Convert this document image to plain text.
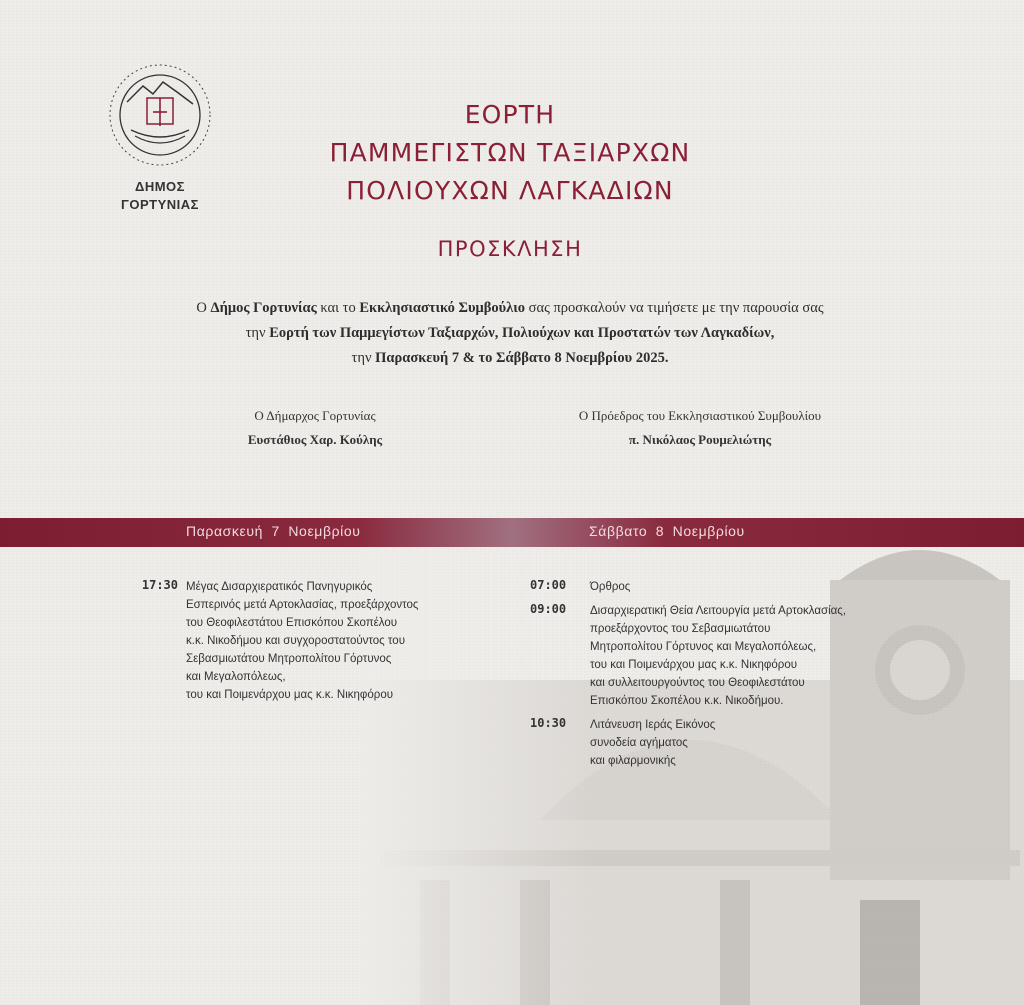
ΔΗΜΟΣ
ΓΟΡΤΥΝΙΑΣ
ΕΟΡΤΗ
ΠΑΜΜΕΓΙΣΤΩΝ ΤΑΞΙΑΡΧΩΝ
ΠΟΛΙΟΥΧΩΝ ΛΑΓΚΑΔΙΩΝ
ΠΡΟΣΚΛΗΣΗ
Ο Δήμος Γορτυνίας και το Εκκλησιαστικό Συμβούλιο σας προσκαλούν να τιμήσετε με την παρουσία σας
την Εορτή των Παμμεγίστων Ταξιαρχών, Πολιούχων και Προστατών των Λαγκαδίων,
την Παρασκευή 7 & το Σάββατο 8 Νοεμβρίου 2025.
Ο Δήμαρχος Γορτυνίας
Ευστάθιος Χαρ. Κούλης
Ο Πρόεδρος του Εκκλησιαστικού Συμβουλίου
π. Νικόλαος Ρουμελιώτης
Παρασκευή 7 Νοεμβρίου	Σάββατο 8 Νοεμβρίου
17:30 Μέγας Δισαρχιερατικός Πανηγυρικός
Εσπερινός μετά Αρτοκλασίας, προεξάρχοντος
του Θεοφιλεστάτου Επισκόπου Σκοπέλου
κ.κ. Νικοδήμου και συγχοροστατούντος του
Σεβασμιωτάτου Μητροπολίτου Γόρτυνος
και Μεγαλοπόλεως,
του και Ποιμενάρχου μας κ.κ. Νικηφόρου
07:00	Όρθρος
09:00	Δισαρχιερατική Θεία Λειτουργία μετά Αρτοκλασίας,
προεξάρχοντος του Σεβασμιωτάτου
Μητροπολίτου Γόρτυνος και Μεγαλοπόλεως,
του και Ποιμενάρχου μας κ.κ. Νικηφόρου
και συλλειτουργούντος του Θεοφιλεστάτου
Επισκόπου Σκοπέλου κ.κ. Νικοδήμου.
10:30	Λιτάνευση Ιεράς Εικόνος
συνοδεία αγήματος
και φιλαρμονικής
